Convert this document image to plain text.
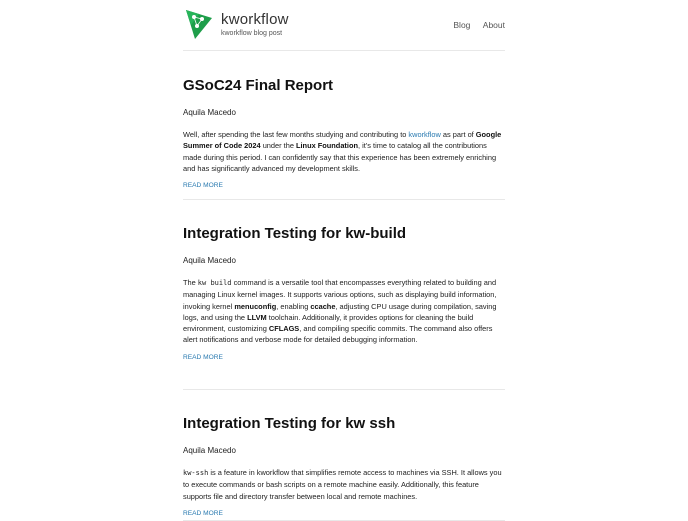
kworkflow
kworkflow blog post
Blog About
GSoC24 Final Report
Aquila Macedo

Well, after spending the last few months studying and contributing to kworkflow as part of Google Summer of Code 2024 under the Linux Foundation, it’s time to catalog all the contributions made during this period. I can confidently say that this experience has been extremely enriching and has significantly advanced my development skills.

READ MORE
Integration Testing for kw-build
Aquila Macedo

The kw build command is a versatile tool that encompasses everything related to building and managing Linux kernel images. It supports various options, such as displaying build information, invoking kernel menuconfig, enabling ccache, adjusting CPU usage during compilation, saving logs, and using the LLVM toolchain. Additionally, it provides options for cleaning the build environment, customizing CFLAGS, and compiling specific commits. The command also offers alert notifications and verbose mode for detailed debugging information.

READ MORE
Integration Testing for kw ssh
Aquila Macedo

kw-ssh is a feature in kworkflow that simplifies remote access to machines via SSH. It allows you to execute commands or bash scripts on a remote machine easily. Additionally, this feature supports file and directory transfer between local and remote machines.

READ MORE
